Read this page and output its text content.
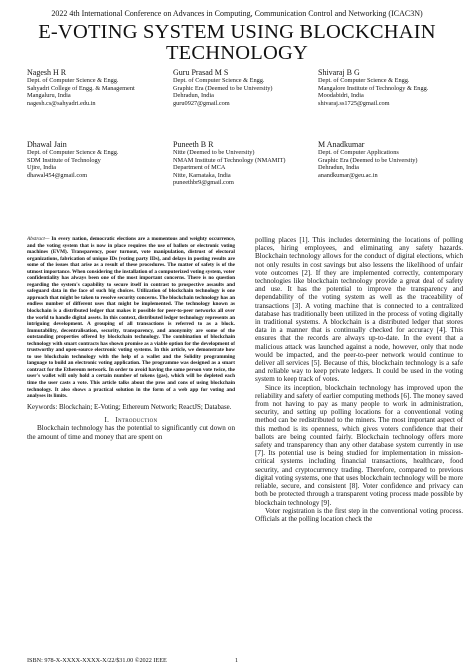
2022 4th International Conference on Advances in Computing, Communication Control and Networking (ICAC3N)
E-VOTING SYSTEM USING BLOCKCHAIN
TECHNOLOGY
Nagesh H R
Dept. of Computer Science & Engg.
Sahyadri College of Engg. & Management
Mangaluru, India
nagesh.cs@sahyadri.edu.in
Guru Prasad M S
Dept. of Computer Science & Engg.
Graphic Era (Deemed to be University)
Dehradun, India
guru0927@gmail.com
Shivaraj B G
Dept. of Computer Science & Engg.
Mangalore Institute of Technology & Engg.
Moodabidri, India
shivaraj.ss1725@gmail.com
Dhawal Jain
Dept. of Computer Science & Engg.
SDM Institute of Technology
Ujire, India
dhawal454@gmail.com
Puneeth B R
Nitte (Deemed to be University)
NMAM Institute of Technology (NMAMIT)
Department of MCA
Nitte, Karnataka, India
puneethbr9@gmail.com
M Anadkumar
Dept. of Computer Applications
Graphic Era (Deemed to be University)
Dehradun, India
anandkumar@geu.ac.in

Abstract— In every nation, democratic elections are a momentous and weighty occurrence, and the voting system that is now in place requires the use of ballots or electronic voting machines (EVM). Transparency, poor turnout, vote manipulation, distrust of electoral organizations, fabrication of unique IDs (voting party IDs), and delays in posting results are some of the issues that arise as a result of these procedures. The matter of safety is of the utmost importance. When considering the installation of a computerized voting system, voter confidentiality has always been one of the most important concerns. There is no question regarding the system's capability to secure itself in contrast to prospective assaults and safeguard data in the face of such big choices. Utilization of blockchain technology is one approach that might be taken to resolve security concerns. The blockchain technology has an endless number of different uses that might be implemented. The technology known as blockchain is a distributed ledger that makes it possible for peer-to-peer networks all over the world to handle digital assets. In this context, distributed ledger technology represents an intriguing development. A grouping of all transactions is referred to as a block. Immutability, decentralisation, security, transparency, and anonymity are some of the outstanding properties offered by blockchain technology. The combination of blockchain technology with smart contracts has shown promise as a viable option for the development of trustworthy and open-source electronic voting systems. In this article, we demonstrate how to use blockchain technology with the help of a wallet and the Solidity programming language to build an electronic voting application. The programme was designed as a smart contract for the Ethereum network. In order to avoid having the same person vote twice, the user's wallet will only hold a certain number of tokens (gas), which will be depleted each time the user casts a vote. This article talks about the pros and cons of using blockchain technology. It also shows a practical solution in the form of a web app for voting and analyses its limits.

Keywords: Blockchain; E-Voting; Ethereum Network; ReactJS; Database.

I. Introduction

Blockchain technology has the potential to significantly cut down on the amount of time and money that are spent on

polling places [1]. This includes determining the locations of polling places, hiring employees, and eliminating any safety hazards. Blockchain technology allows for the conduct of digital elections, which not only results in cost savings but also lessens the likelihood of unfair vote outcomes [2]. If they are implemented correctly, contemporary technologies like blockchain technology provide a great deal of safety and use. It has the potential to improve the transparency and dependability of the voting system as well as the traceability of transactions [3]. A voting machine that is connected to a centralized database has traditionally been utilized in the process of voting digitally in traditional systems. A blockchain is a distributed ledger that stores data in a manner that is continually checked for accuracy [4]. This ensures that the records are always up-to-date. In the event that a malicious attack was launched against a node, however, only that node would be impacted, and the peer-to-peer network would continue to deliver all services [5]. Because of this, blockchain technology is a safe and reliable way to keep private ledgers. It could be used in the voting system to keep track of votes.

Since its inception, blockchain technology has improved upon the reliability and safety of earlier computing methods [6]. The money saved from not having to pay as many people to work in administration, security, and setting up polling locations for a conventional voting method can be redistributed to the miners. The most important aspect of this method is its openness, which gives voters confidence that their ballots are being counted fairly. Blockchain technology offers more safety and transparency than any other database system currently in use [7]. Its potential use is being studied for implementation in mission-critical systems including financial transactions, healthcare, food security, and cryptocurrency trading. Therefore, compared to previous digital voting systems, one that uses blockchain technology will be more reliable, secure, and consistent [8]. Voter confidence and privacy can both be protected through a transparent voting process made possible by blockchain technology [9].

Voter registration is the first step in the conventional voting process. Officials at the polling location check the

ISBN: 978-X-XXXX-XXXX-X/22/$31.00 ©2022 IEEE	1
